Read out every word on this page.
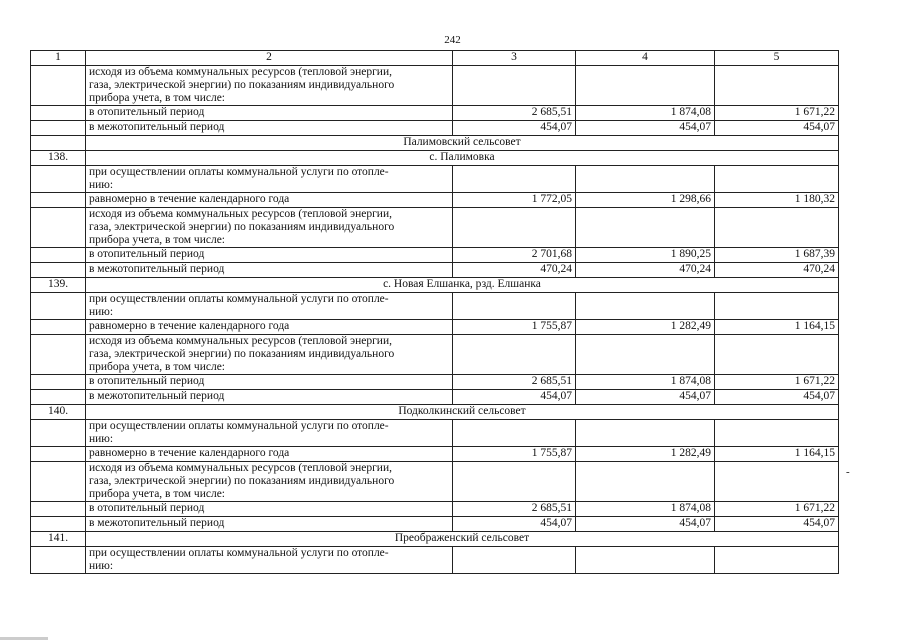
242
1	2	3	4	5

	исходя из объема коммунальных ресурсов (тепловой энергии,
газа, электрической энергии) по показаниям индивидуального
прибора учета, в том числе:			

	в отопительный период	2 685,51	1 874,08	1 671,22
	в межотопительный период	454,07	454,07	454,07
	Палимовский сельсовет			
138.	с. Палимовка			

	при осуществлении оплаты коммунальной услуги по отопле-
нию:			

	равномерно в течение календарного года	1 772,05	1 298,66	1 180,32

	исходя из объема коммунальных ресурсов (тепловой энергии,
газа, электрической энергии) по показаниям индивидуального
прибора учета, в том числе:			

	в отопительный период	2 701,68	1 890,25	1 687,39
	в межотопительный период	470,24	470,24	470,24
139.	с. Новая Елшанка, рзд. Елшанка			

	при осуществлении оплаты коммунальной услуги по отопле-
нию:			

	равномерно в течение календарного года	1 755,87	1 282,49	1 164,15

	исходя из объема коммунальных ресурсов (тепловой энергии,
газа, электрической энергии) по показаниям индивидуального
прибора учета, в том числе:			

	в отопительный период	2 685,51	1 874,08	1 671,22
	в межотопительный период	454,07	454,07	454,07
140.	Подколкинский сельсовет			

	при осуществлении оплаты коммунальной услуги по отопле-
нию:			

	равномерно в течение календарного года	1 755,87	1 282,49	1 164,15

	исходя из объема коммунальных ресурсов (тепловой энергии,
газа, электрической энергии) по показаниям индивидуального
прибора учета, в том числе:			

	в отопительный период	2 685,51	1 874,08	1 671,22
	в межотопительный период	454,07	454,07	454,07
141.	Преображенский сельсовет			

	при осуществлении оплаты коммунальной услуги по отопле-
нию:			

-
